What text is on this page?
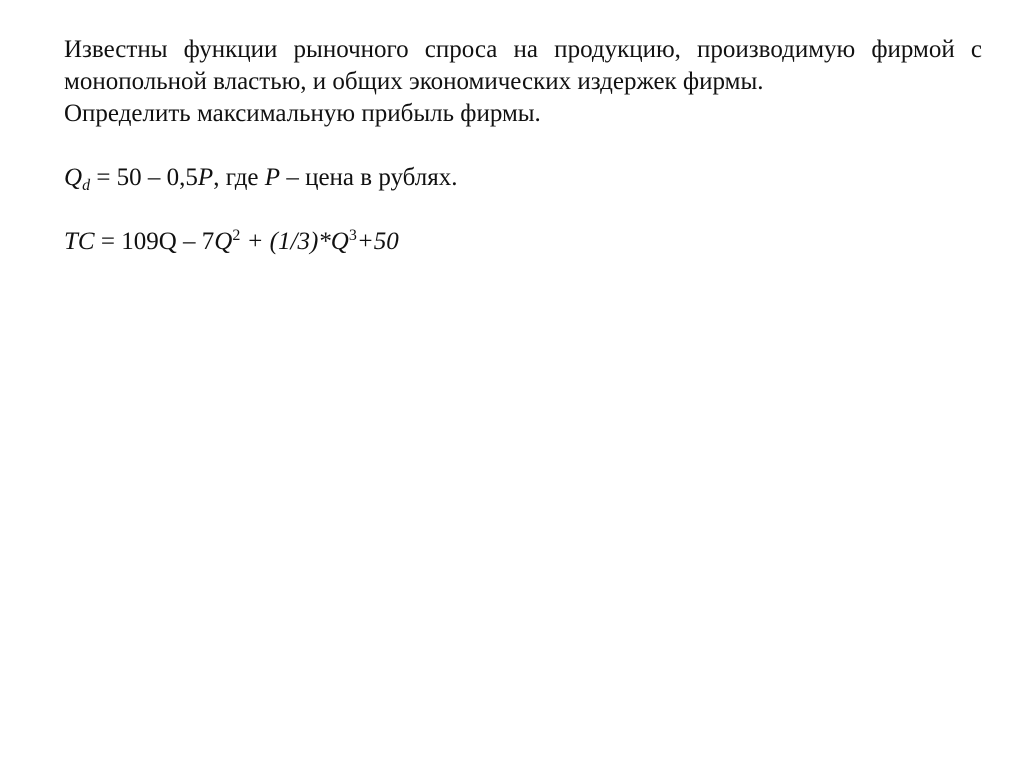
Известны функции рыночного спроса на продукцию, производимую фирмой с монопольной властью, и общих экономических издержек фирмы.

Определить максимальную прибыль фирмы.

$Q_d = 50 - 0,5P$, где P – цена в рублях.

TC = $109Q - 7Q^2 + (1/3)*Q^3+50$
